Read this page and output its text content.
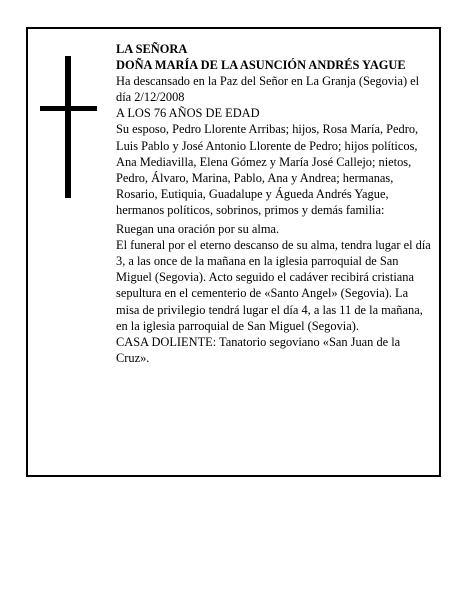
LA SEÑORA

DOÑA MARÍA DE LA ASUNCIÓN ANDRÉS YAGUE

Ha descansado en la Paz del Señor en La Granja (Segovia) el día 2/12/2008

A LOS 76 AÑOS DE EDAD

Su esposo, Pedro Llorente Arribas; hijos, Rosa María, Pedro, Luis Pablo y José Antonio Llorente de Pedro; hijos políticos, Ana Mediavilla, Elena Gómez y María José Callejo; nietos, Pedro, Álvaro, Marina, Pablo, Ana y Andrea; hermanas, Rosario, Eutiquia, Guadalupe y Águeda Andrés Yague, hermanos políticos, sobrinos, primos y demás familia:

Ruegan una oración por su alma.

El funeral por el eterno descanso de su alma, tendra lugar el día 3, a las once de la mañana en la iglesia parroquial de San Miguel (Segovia). Acto seguido el cadáver recibirá cristiana sepultura en el cementerio de «Santo Angel» (Segovia). La misa de privilegio tendrá lugar el día 4, a las 11 de la mañana, en la iglesia parroquial de San Miguel (Segovia).

CASA DOLIENTE: Tanatorio segoviano «San Juan de la Cruz».
